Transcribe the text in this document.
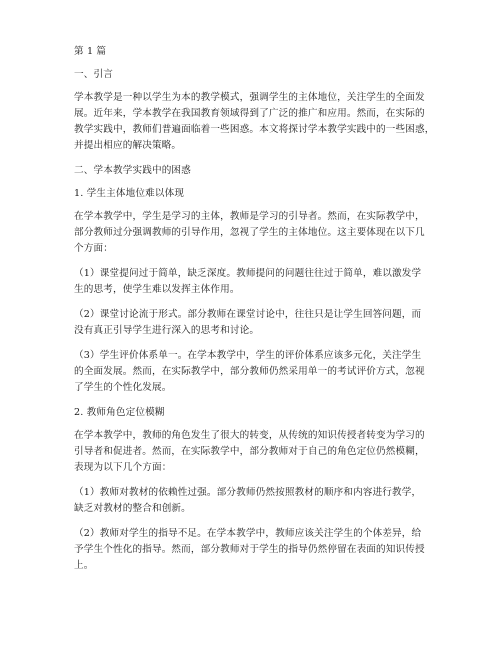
第 1 篇
一、引言
学本教学是一种以学生为本的教学模式，强调学生的主体地位，关注学生的全面发
展。近年来，学本教学在我国教育领域得到了广泛的推广和应用。然而，在实际的
教学实践中，教师们普遍面临着一些困惑。本文将探讨学本教学实践中的一些困惑，
并提出相应的解决策略。
二、学本教学实践中的困惑
1. 学生主体地位难以体现
在学本教学中，学生是学习的主体，教师是学习的引导者。然而，在实际教学中，
部分教师过分强调教师的引导作用，忽视了学生的主体地位。这主要体现在以下几
个方面：
（1）课堂提问过于简单，缺乏深度。教师提问的问题往往过于简单，难以激发学
生的思考，使学生难以发挥主体作用。
（2）课堂讨论流于形式。部分教师在课堂讨论中，往往只是让学生回答问题，而
没有真正引导学生进行深入的思考和讨论。
（3）学生评价体系单一。在学本教学中，学生的评价体系应该多元化，关注学生
的全面发展。然而，在实际教学中，部分教师仍然采用单一的考试评价方式，忽视
了学生的个性化发展。
2. 教师角色定位模糊
在学本教学中，教师的角色发生了很大的转变，从传统的知识传授者转变为学习的
引导者和促进者。然而，在实际教学中，部分教师对于自己的角色定位仍然模糊，
表现为以下几个方面：
（1）教师对教材的依赖性过强。部分教师仍然按照教材的顺序和内容进行教学，
缺乏对教材的整合和创新。
（2）教师对学生的指导不足。在学本教学中，教师应该关注学生的个体差异，给
予学生个性化的指导。然而，部分教师对于学生的指导仍然停留在表面的知识传授
上。
